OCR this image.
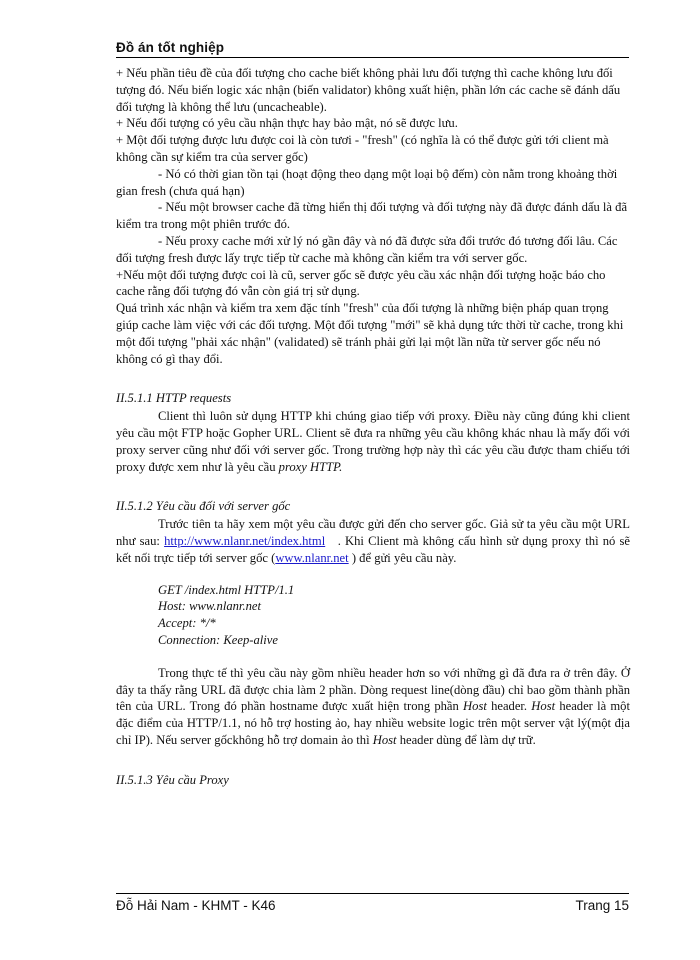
Đồ án tốt nghiệp

+ Nếu phần tiêu đề của đối tượng cho cache biết không phải lưu đối tượng thì cache không lưu đối tượng đó. Nếu biến logic xác nhận (biến validator) không xuất hiện, phần lớn các cache sẽ đánh dấu đối tượng là không thể lưu (uncacheable).

+ Nếu đối tượng có yêu cầu nhận thực hay bảo mật, nó sẽ được lưu.

+ Một đối tượng được lưu được coi là còn tươi - "fresh" (có nghĩa là có thể được gửi tới client mà không cần sự kiểm tra của server gốc)

- Nó có thời gian tồn tại (hoạt động theo dạng một loại bộ đếm) còn nằm trong khoảng thời gian fresh (chưa quá hạn)

- Nếu một browser cache đã từng hiển thị đối tượng và đối tượng này đã được đánh dấu là đã kiểm tra trong một phiên trước đó.

- Nếu proxy cache mới xử lý nó gần đây và nó đã được sửa đổi trước đó tương đối lâu. Các đối tượng fresh được lấy trực tiếp từ cache mà không cần kiểm tra với server gốc.

+Nếu một đối tượng được coi là cũ, server gốc sẽ được yêu cầu xác nhận đối tượng hoặc báo cho cache rằng đối tượng đó vẫn còn giá trị sử dụng.

Quá trình xác nhận và kiểm tra xem đặc tính "fresh" của đối tượng là những biện pháp quan trọng giúp cache làm việc với các đối tượng. Một đối tượng "mới" sẽ khả dụng tức thời từ cache, trong khi một đối tượng "phải xác nhận" (validated) sẽ tránh phải gửi lại một lần nữa từ server gốc nếu nó không có gì thay đổi.

II.5.1.1 HTTP requests

Client thì luôn sử dụng HTTP khi chúng giao tiếp với proxy. Điều này cũng đúng khi client yêu cầu một FTP hoặc Gopher URL. Client sẽ đưa ra những yêu cầu không khác nhau là mấy đối với proxy server cũng như đối với server gốc. Trong trường hợp này thì các yêu cầu được tham chiếu tới proxy được xem như là yêu cầu proxy HTTP.

II.5.1.2 Yêu cầu đối với server gốc

Trước tiên ta hãy xem một yêu cầu được gửi đến cho server gốc. Giả sử ta yêu cầu một URL như sau: http://www.nlanr.net/index.html . Khi Client mà không cấu hình sử dụng proxy thì nó sẽ kết nối trực tiếp tới server gốc (www.nlanr.net ) để gửi yêu cầu này.

GET /index.html HTTP/1.1

Host: www.nlanr.net

Accept: */*

Connection: Keep-alive

Trong thực tế thì yêu cầu này gồm nhiều header hơn so với những gì đã đưa ra ở trên đây. Ở đây ta thấy rằng URL đã được chia làm 2 phần. Dòng request line(dòng đầu) chỉ bao gồm thành phần tên của URL. Trong đó phần hostname được xuất hiện trong phần Host header. Host header là một đặc điểm của HTTP/1.1, nó hỗ trợ hosting ảo, hay nhiều website logic trên một server vật lý(một địa chỉ IP). Nếu server gốckhông hỗ trợ domain ảo thì Host header dùng để làm dự trữ.

II.5.1.3 Yêu cầu Proxy

Đỗ Hải Nam - KHMT - K46	Trang 15
